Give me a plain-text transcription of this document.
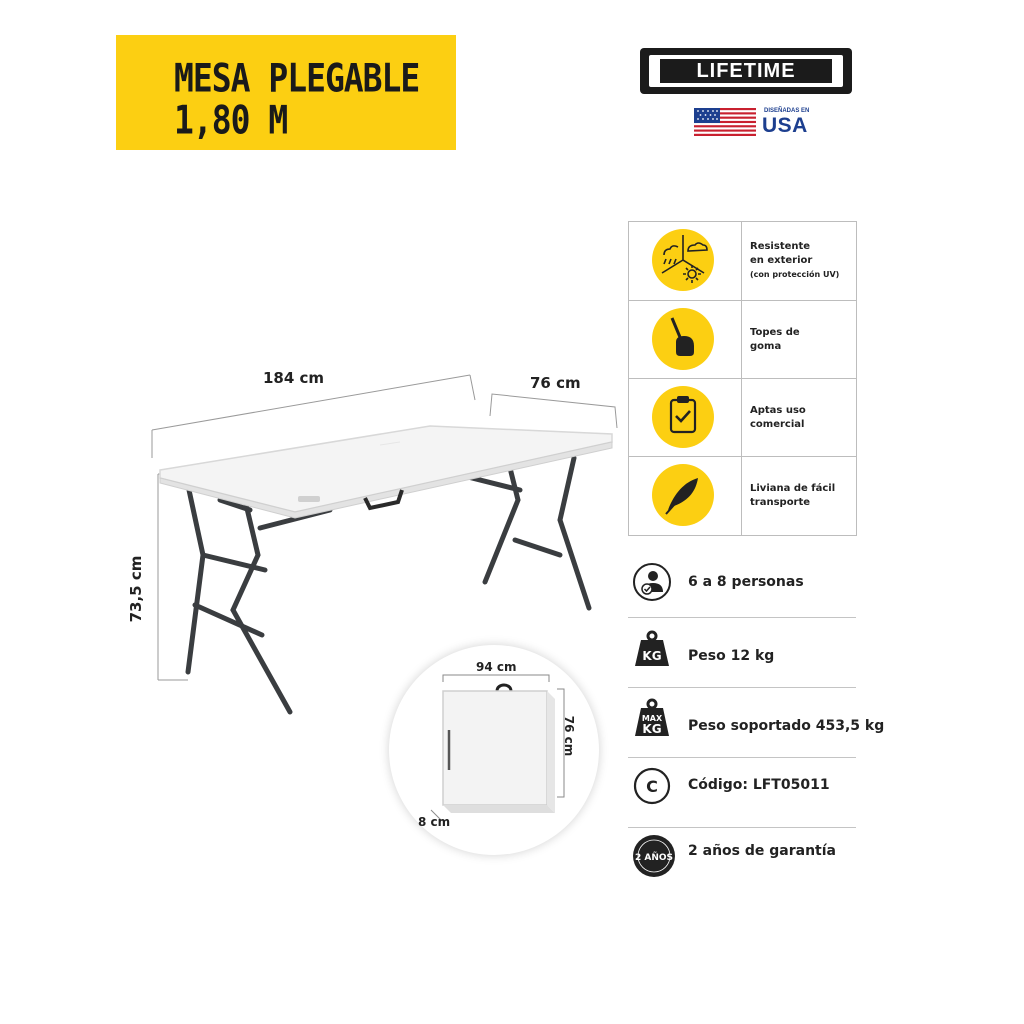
MESA PLEGABLE
1,80 M
LIFETIME
DISEÑADAS EN
USA
184 cm	76 cm
73,5 cm
94 cm
76 cm
8 cm
Resistente
en exterior
(con protección UV)
Topes de
goma
Aptas uso
comercial
Liviana de fácil
transporte
6 a 8 personas
KG Peso 12 kg
MAX
KG Peso soportado 453,5 kg
C Código: LFT05011
2 AÑOS 2 años de garantía
